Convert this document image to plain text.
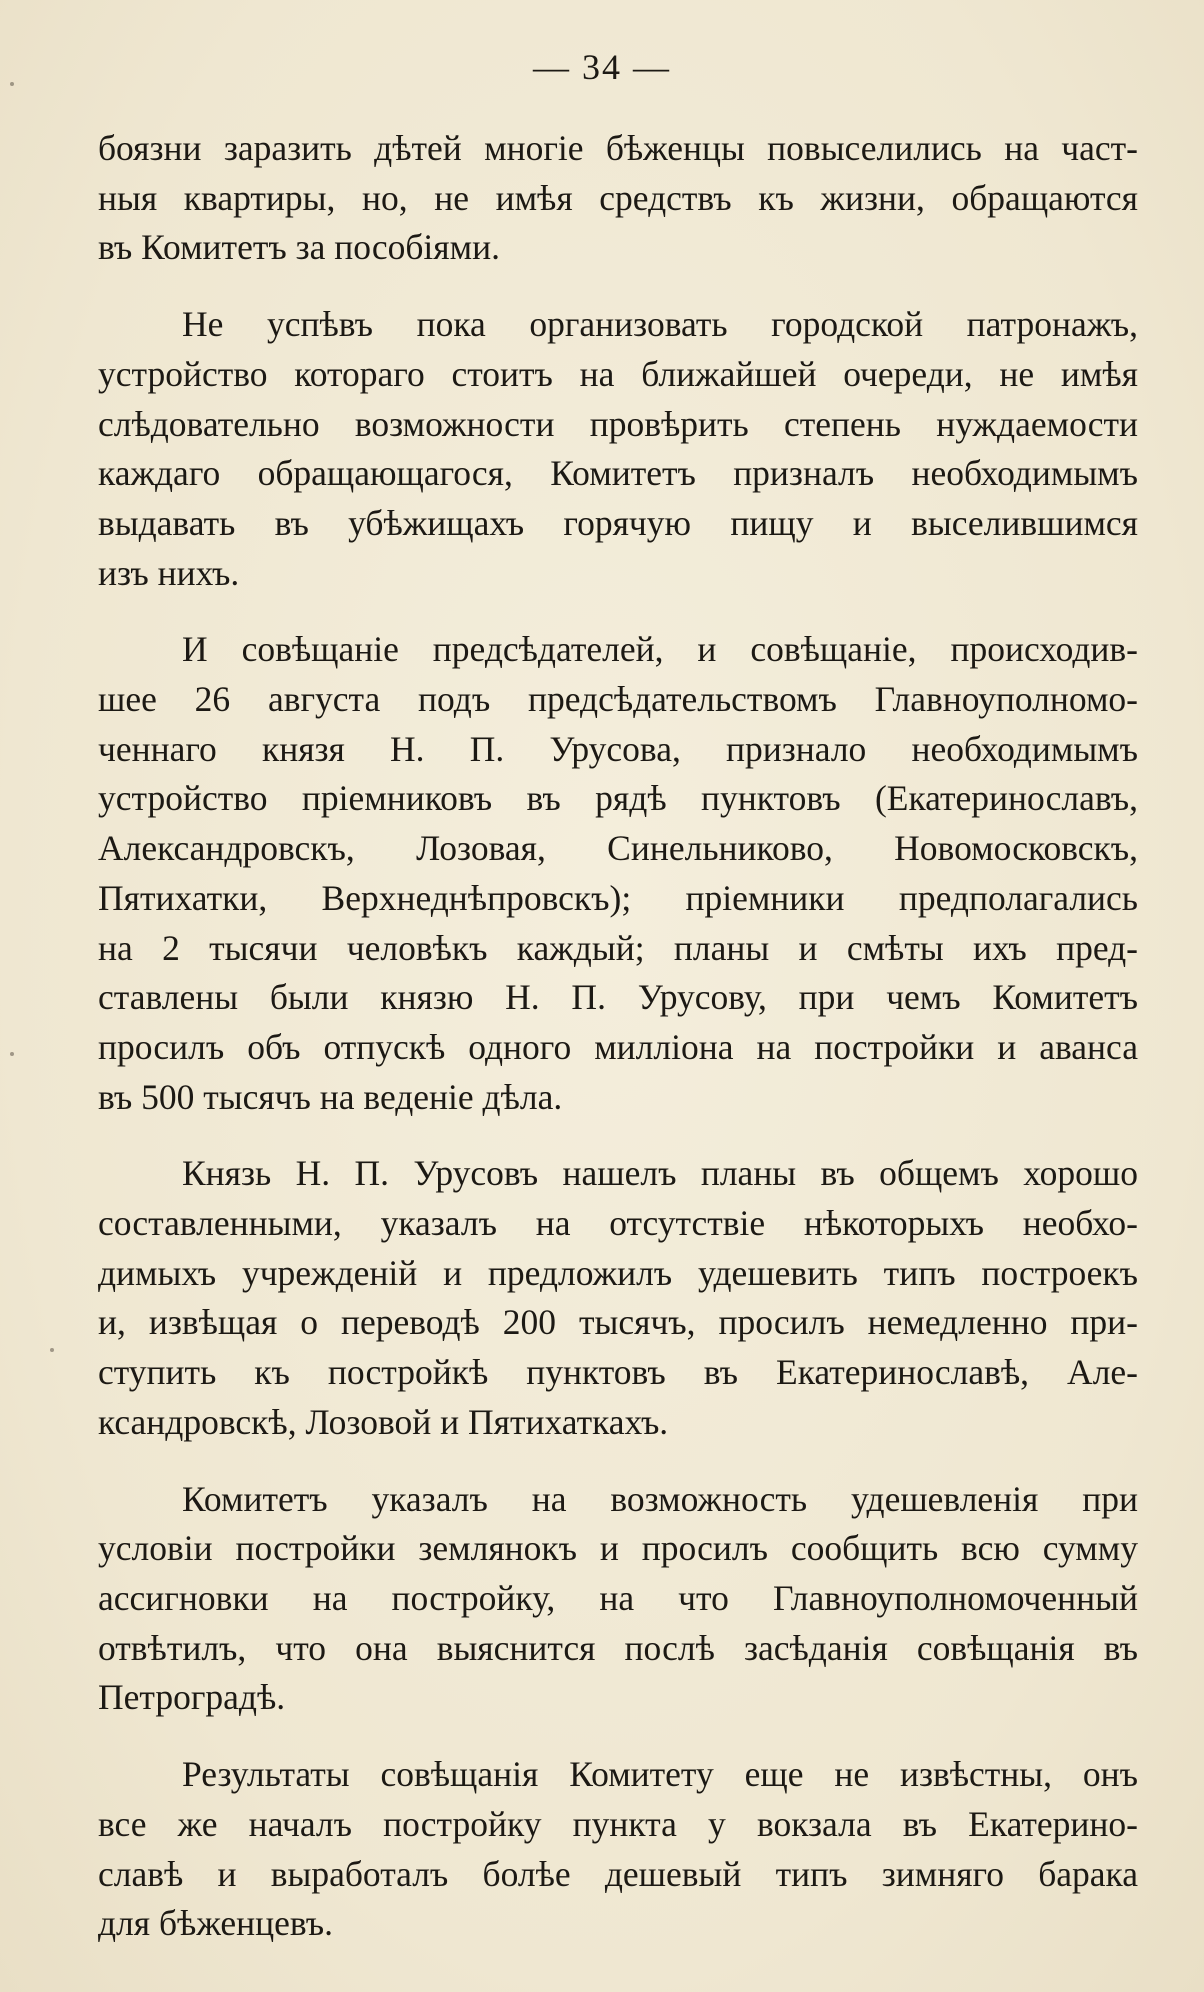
— 34 —

боязни заразить дѣтей многiе бѣженцы повыселились на част-
ныя квартиры, но, не имѣя средствъ къ жизни, обращаются
въ Комитетъ за пособiями.

Не успѣвъ пока организовать городской патронажъ,
устройство котораго стоитъ на ближайшей очереди, не имѣя
слѣдовательно возможности провѣрить степень нуждаемости
каждаго обращающагося, Комитетъ призналъ необходимымъ
выдавать въ убѣжищахъ горячую пищу и выселившимся
изъ нихъ.

И совѣщанiе предсѣдателей, и совѣщанiе, происходив-
шее 26 августа подъ предсѣдательствомъ Главноуполномо-
ченнаго князя Н. П. Урусова, признало необходимымъ
устройство прiемниковъ въ рядѣ пунктовъ (Екатеринославъ,
Александровскъ, Лозовая, Синельниково, Новомосковскъ,
Пятихатки, Верхнеднѣпровскъ); прiемники предполагались
на 2 тысячи человѣкъ каждый; планы и смѣты ихъ пред-
ставлены были князю Н. П. Урусову, при чемъ Комитетъ
просилъ объ отпускѣ одного миллiона на постройки и аванса
въ 500 тысячъ на веденiе дѣла.

Князь Н. П. Урусовъ нашелъ планы въ общемъ хорошо
составленными, указалъ на отсутствiе нѣкоторыхъ необхо-
димыхъ учрежденiй и предложилъ удешевить типъ построекъ
и, извѣщая о переводѣ 200 тысячъ, просилъ немедленно при-
ступить къ постройкѣ пунктовъ въ Екатеринославѣ, Але-
ксандровскѣ, Лозовой и Пятихаткахъ.

Комитетъ указалъ на возможность удешевленiя при
условiи постройки землянокъ и просилъ сообщить всю сумму
ассигновки на постройку, на что Главноуполномоченный
отвѣтилъ, что она выяснится послѣ засѣданiя совѣщанiя въ
Петроградѣ.

Результаты совѣщанiя Комитету еще не извѣстны, онъ
все же началъ постройку пункта у вокзала въ Екатерино-
славѣ и выработалъ болѣе дешевый типъ зимняго барака
для бѣженцевъ.
